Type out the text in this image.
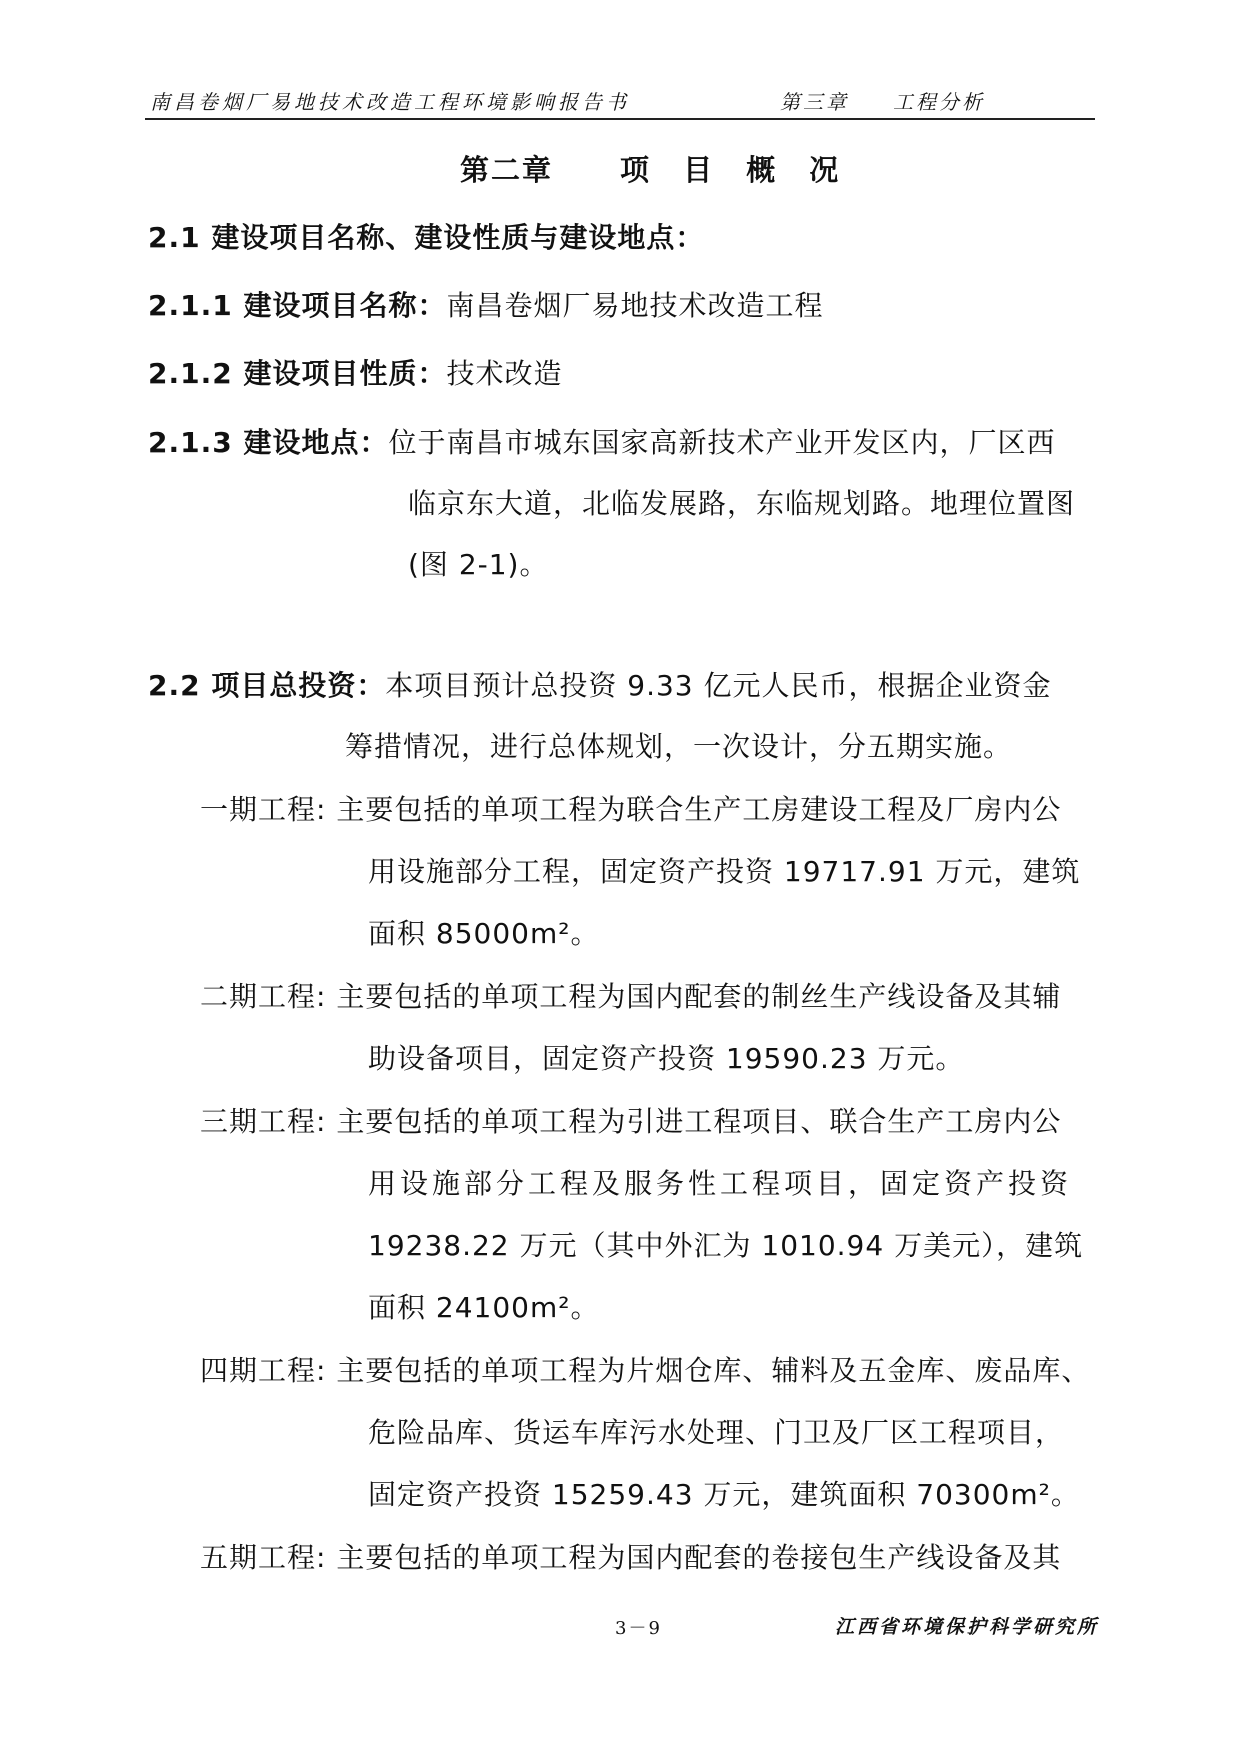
南昌卷烟厂易地技术改造工程环境影响报告书	第三章 工程分析
第二章 项 目 概 况
2.1 建设项目名称、建设性质与建设地点：
2.1.1 建设项目名称：南昌卷烟厂易地技术改造工程
2.1.2 建设项目性质：技术改造
2.1.3 建设地点：位于南昌市城东国家高新技术产业开发区内，厂区西
临京东大道，北临发展路，东临规划路。地理位置图
(图 2-1)。
2.2 项目总投资：本项目预计总投资 9.33 亿元人民币，根据企业资金
筹措情况，进行总体规划，一次设计，分五期实施。
一期工程: 主要包括的单项工程为联合生产工房建设工程及厂房内公
用设施部分工程，固定资产投资 19717.91 万元，建筑
面积 85000m²。
二期工程: 主要包括的单项工程为国内配套的制丝生产线设备及其辅
助设备项目，固定资产投资 19590.23 万元。
三期工程: 主要包括的单项工程为引进工程项目、联合生产工房内公
用设施部分工程及服务性工程项目，固定资产投资
19238.22 万元（其中外汇为 1010.94 万美元），建筑
面积 24100m²。
四期工程: 主要包括的单项工程为片烟仓库、辅料及五金库、废品库、
危险品库、货运车库污水处理、门卫及厂区工程项目，
固定资产投资 15259.43 万元，建筑面积 70300m²。
五期工程: 主要包括的单项工程为国内配套的卷接包生产线设备及其
3－9	江西省环境保护科学研究所
